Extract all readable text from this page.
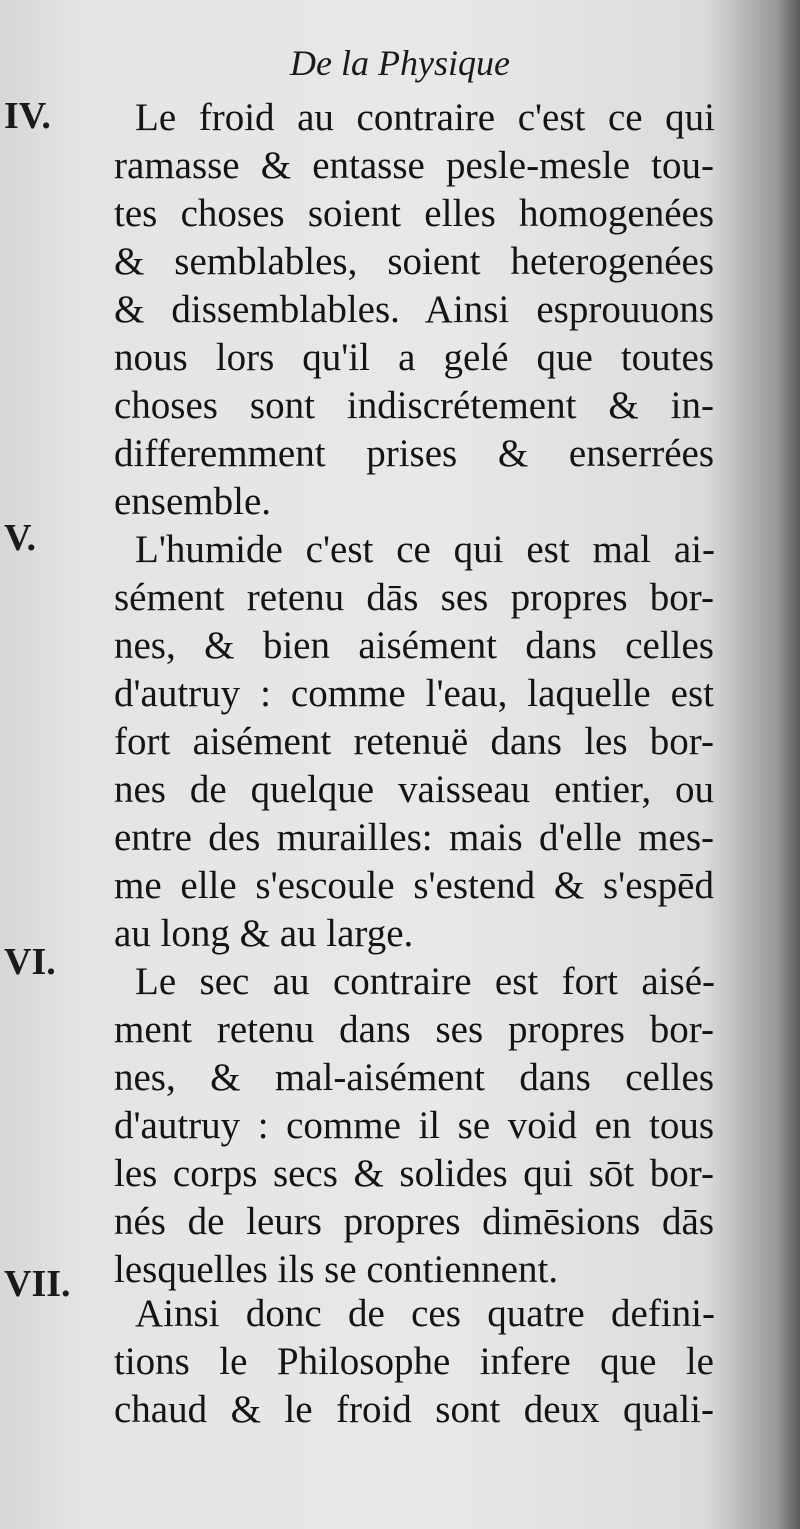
De la Physique
IV. Le froid au contraire c'est ce qui
ramasse & entasse pesle-mesle tou-
tes choses soient elles homogenées
& semblables, soient heterogenées
& dissemblables. Ainsi esprouuons
nous lors qu'il a gelé que toutes
choses sont indiscrétement & in-
differemment prises & enserrées
ensemble.
V.	L'humide c'est ce qui est mal ai-
sément retenu dās ses propres bor-
nes, & bien aisément dans celles
d'autruy : comme l'eau, laquelle est
fort aisément retenuë dans les bor-
nes de quelque vaisseau entier, ou
entre des murailles: mais d'elle mes-
me elle s'escoule s'estend & s'espēd
au long & au large.
VI. Le sec au contraire est fort aisé-
ment retenu dans ses propres bor-
nes, & mal-aisément dans celles
d'autruy : comme il se void en tous
les corps secs & solides qui sōt bor-
nés de leurs propres dimēsions dās
lesquelles ils se contiennent.
VII.
Ainsi donc de ces quatre defini-
tions le Philosophe infere que le
chaud & le froid sont deux quali-
